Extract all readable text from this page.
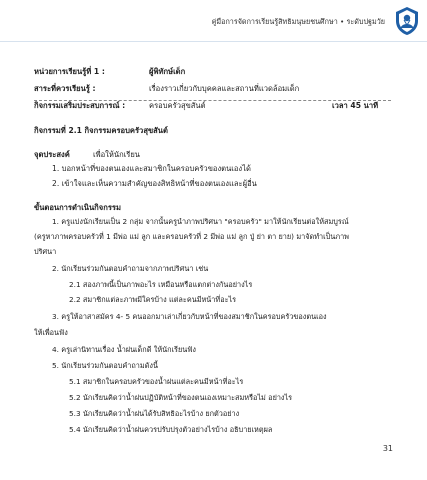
คู่มือการจัดการเรียนรู้สิทธิมนุษยชนศึกษา • ระดับปฐมวัย
หน่วยการเรียนรู้ที่ 1 :	ผู้พิทักษ์เด็ก
สาระที่ควรเรียนรู้ :	เรื่องราวเกี่ยวกับบุคคลและสถานที่แวดล้อมเด็ก
กิจกรรมเสริมประสบการณ์ :	ครอบครัวสุขสันต์	เวลา 45 นาที
กิจกรรมที่ 2.1 กิจกรรมครอบครัวสุขสันต์
จุดประสงค์	เพื่อให้นักเรียน
1. บอกหน้าที่ของตนเองและสมาชิกในครอบครัวของตนเองได้
2. เข้าใจและเห็นความสำคัญของสิทธิหน้าที่ของตนเองและผู้อื่น
ขั้นตอนการดำเนินกิจกรรม
1. ครูแบ่งนักเรียนเป็น 2 กลุ่ม จากนั้นครูนำภาพปริศนา "ครอบครัว" มาให้นักเรียนต่อให้สมบูรณ์
(ครูหาภาพครอบครัวที่ 1 มีพ่อ แม่ ลูก และครอบครัวที่ 2 มีพ่อ แม่ ลูก ปู่ ย่า ตา ยาย) มาจัดทำเป็นภาพ
ปริศนา
2. นักเรียนร่วมกันตอบคำถามจากภาพปริศนา เช่น
2.1 สองภาพนี้เป็นภาพอะไร เหมือนหรือแตกต่างกันอย่างไร
2.2 สมาชิกแต่ละภาพมีใครบ้าง แต่ละคนมีหน้าที่อะไร
3. ครูให้อาสาสมัคร 4- 5 คนออกมาเล่าเกี่ยวกับหน้าที่ของสมาชิกในครอบครัวของตนเอง
ให้เพื่อนฟัง
4. ครูเล่านิทานเรื่อง น้ำฝนเด็กดี ให้นักเรียนฟัง
5. นักเรียนร่วมกันตอบคำถามดังนี้
5.1 สมาชิกในครอบครัวของน้ำฝนแต่ละคนมีหน้าที่อะไร
5.2 นักเรียนคิดว่าน้ำฝนปฏิบัติหน้าที่ของตนเองเหมาะสมหรือไม่ อย่างไร
5.3 นักเรียนคิดว่าน้ำฝนได้รับสิทธิอะไรบ้าง ยกตัวอย่าง
5.4 นักเรียนคิดว่าน้ำฝนควรปรับปรุงตัวอย่างไรบ้าง อธิบายเหตุผล
31
